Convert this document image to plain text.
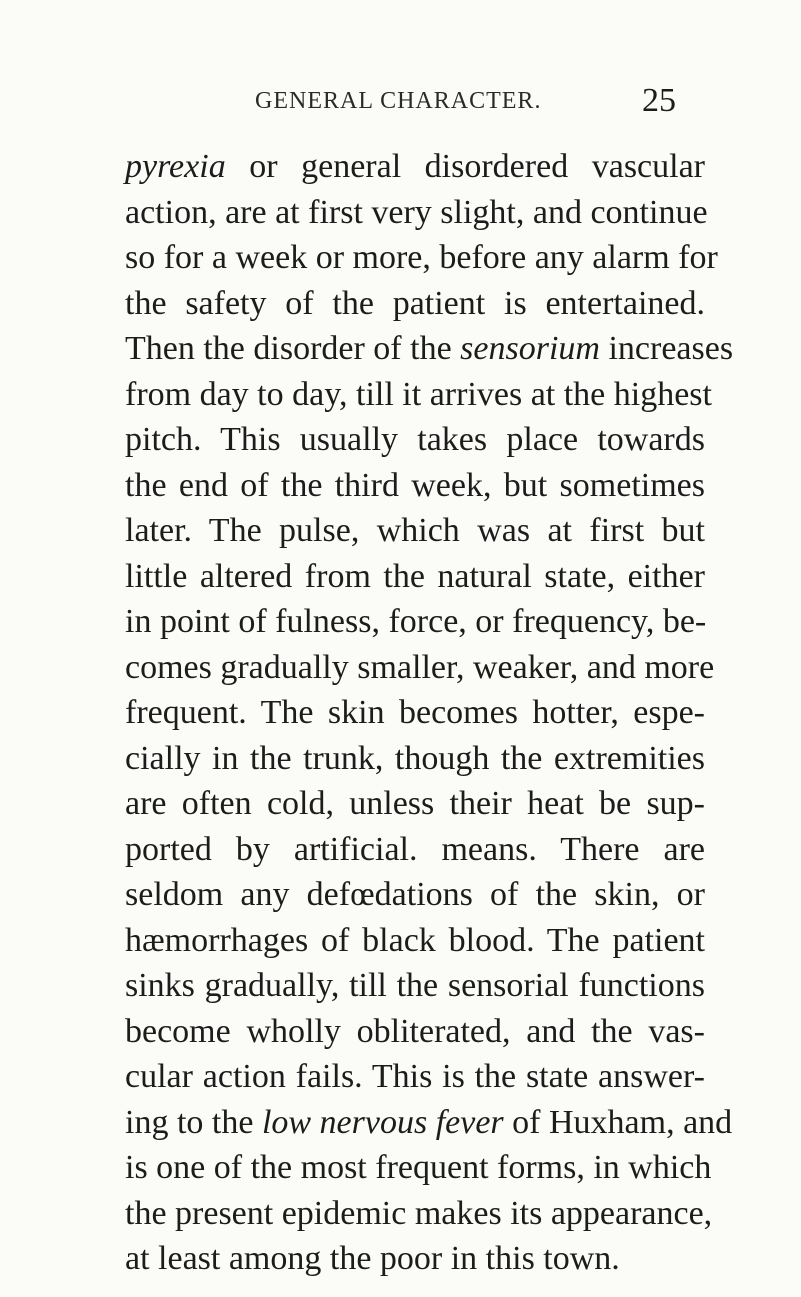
GENERAL CHARACTER.	25
pyrexia or general disordered vascular
action, are at first very slight, and continue
so for a week or more, before any alarm for
the safety of the patient is entertained.
Then the disorder of the sensorium increases
from day to day, till it arrives at the highest
pitch. This usually takes place towards
the end of the third week, but sometimes
later. The pulse, which was at first but
little altered from the natural state, either
in point of fulness, force, or frequency, be-
comes gradually smaller, weaker, and more
frequent. The skin becomes hotter, espe-
cially in the trunk, though the extremities
are often cold, unless their heat be sup-
ported by artificial. means. There are
seldom any defœdations of the skin, or
hæmorrhages of black blood. The patient
sinks gradually, till the sensorial functions
become wholly obliterated, and the vas-
cular action fails. This is the state answer-
ing to the low nervous fever of Huxham, and
is one of the most frequent forms, in which
the present epidemic makes its appearance,
at least among the poor in this town.
